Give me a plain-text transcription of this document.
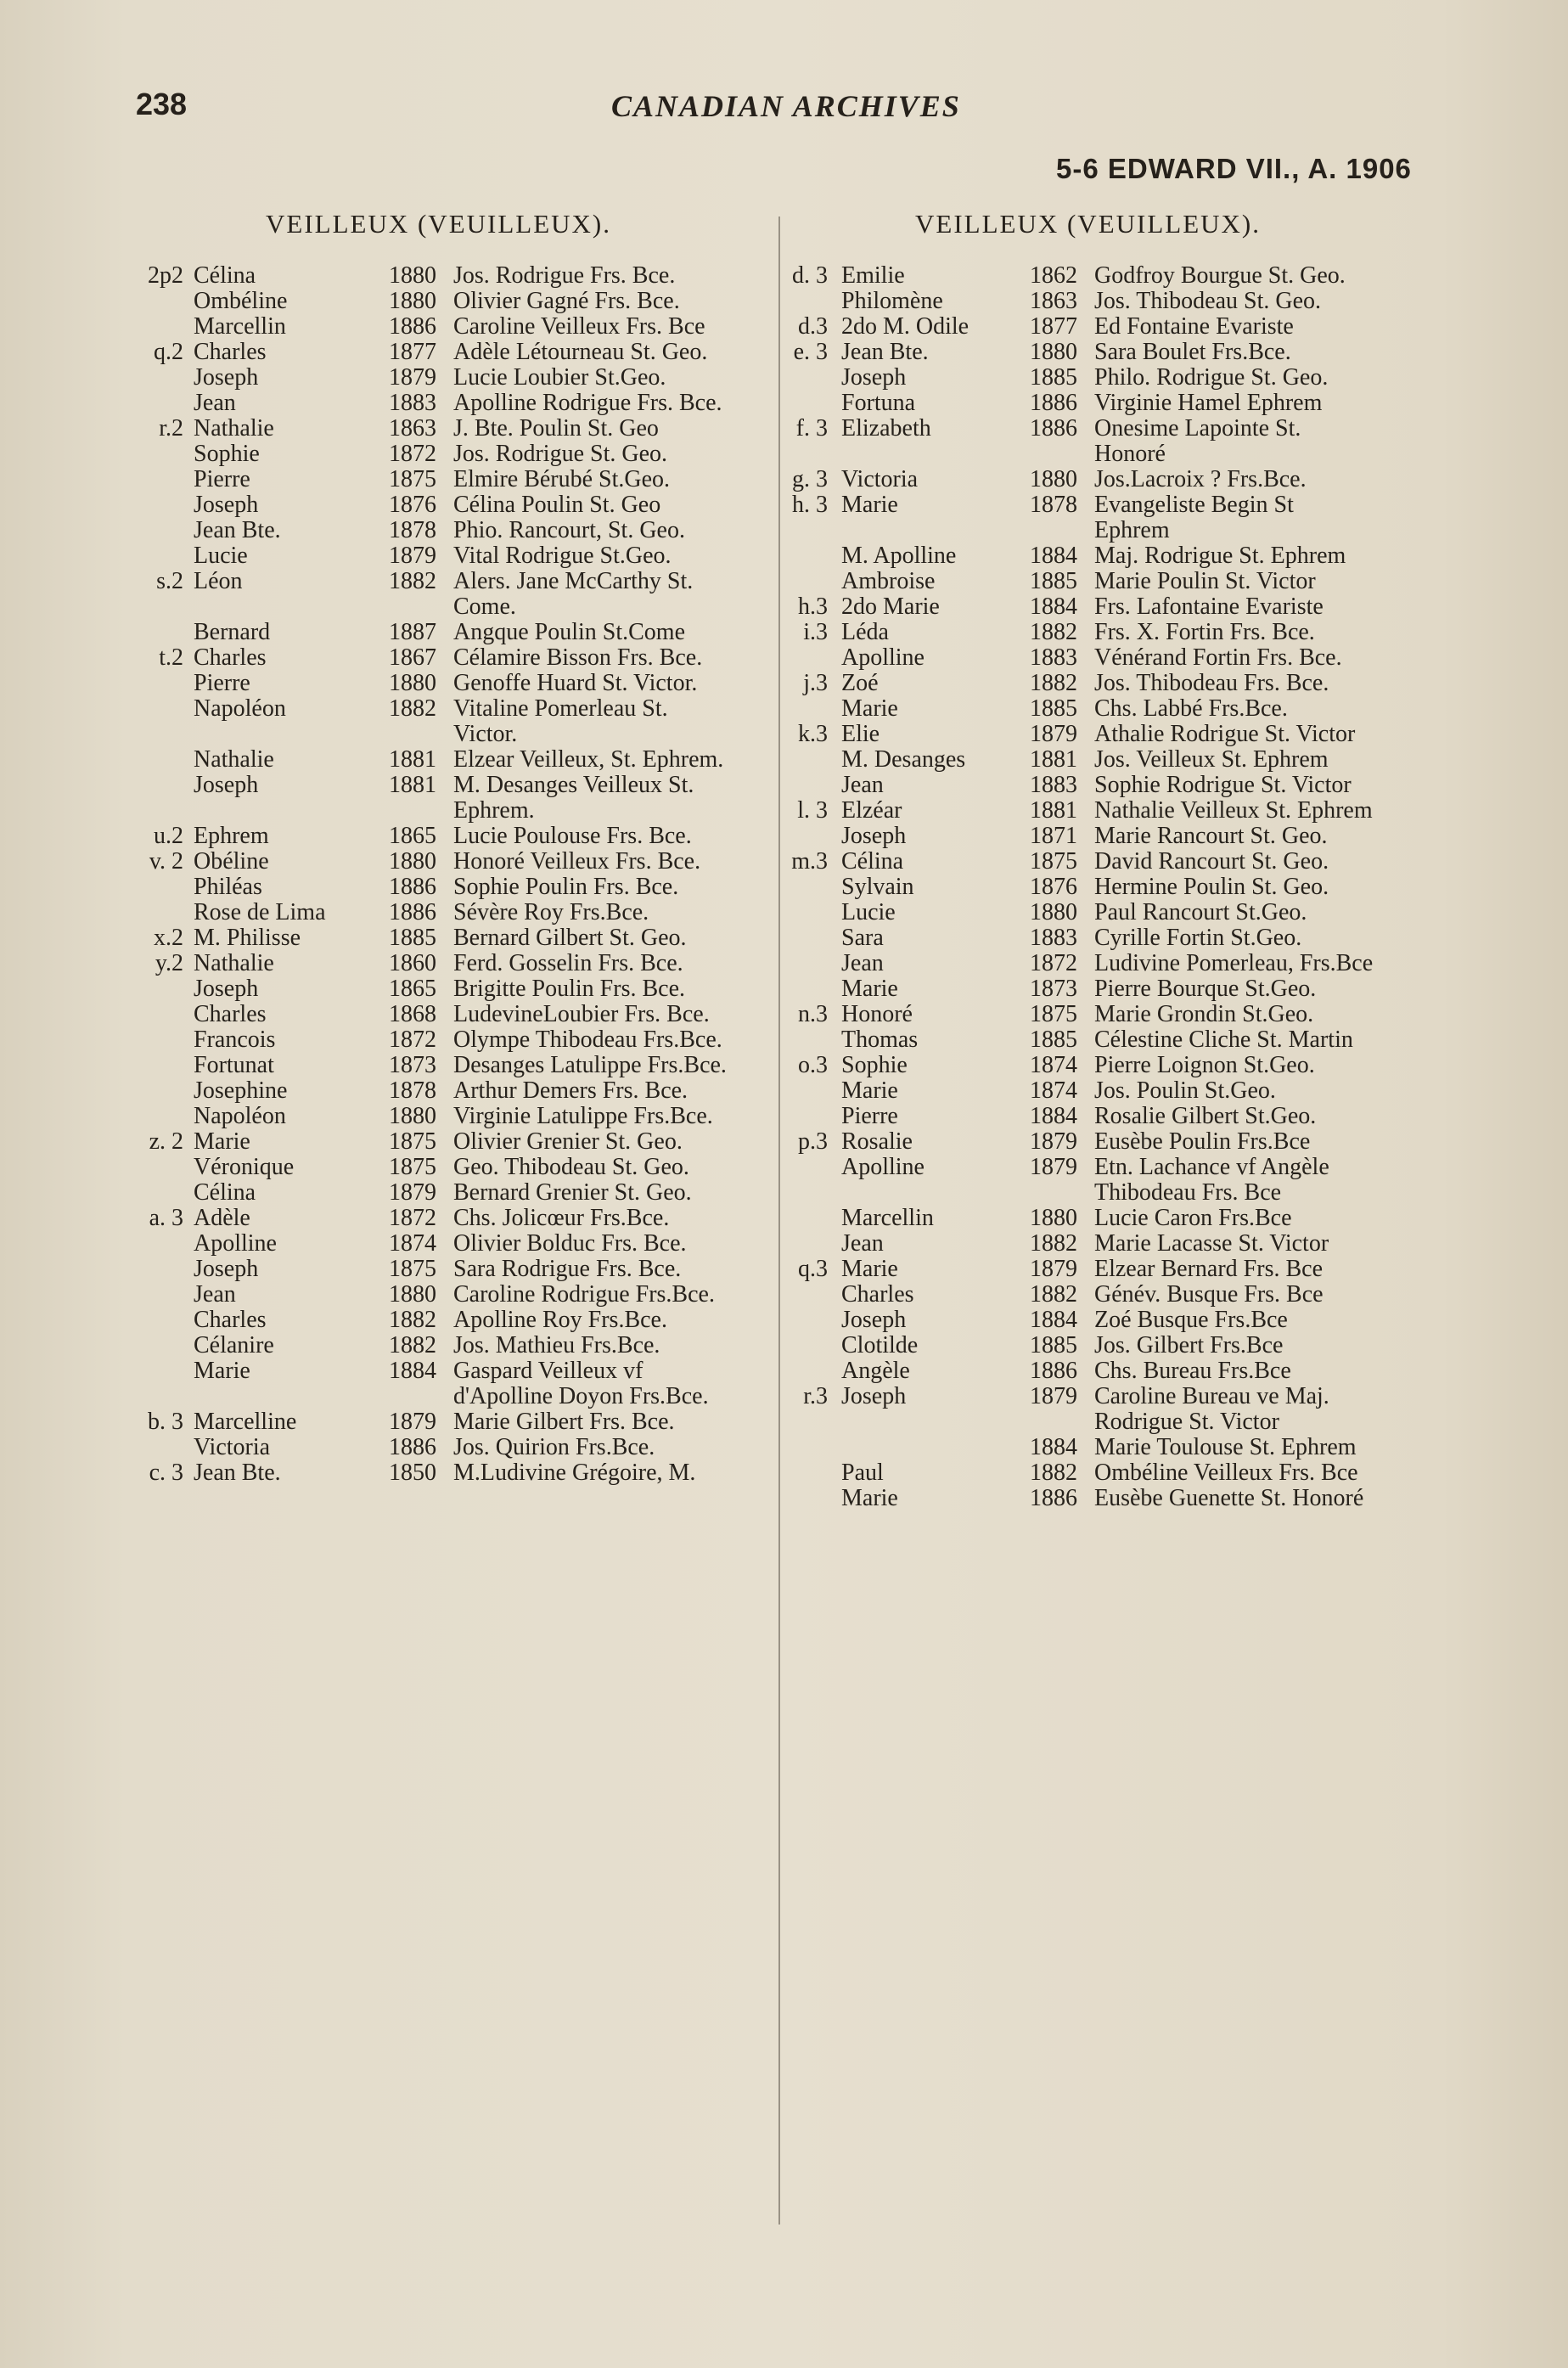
238	CANADIAN ARCHIVES
5-6 EDWARD VII., A. 1906
VEILLEUX (VEUILLEUX).	VEILLEUX (VEUILLEUX).
2p2 Célina	1880 Jos. Rodrigue Frs. Bce.
Ombéline	1880 Olivier Gagné Frs. Bce.
Marcellin	1886 Caroline Veilleux Frs. Bce
q.2 Charles	1877 Adèle Létourneau St. Geo.
Joseph	1879 Lucie Loubier St.Geo.
Jean	1883 Apolline Rodrigue Frs. Bce.
r.2 Nathalie	1863 J. Bte. Poulin St. Geo
Sophie	1872 Jos. Rodrigue St. Geo.
Pierre	1875 Elmire Bérubé St.Geo.
Joseph	1876 Célina Poulin St. Geo
Jean Bte.	1878 Phio. Rancourt, St. Geo.
Lucie	1879 Vital Rodrigue St.Geo.
s.2 Léon	1882 Alers. Jane McCarthy St. Come.
Bernard	1887 Angque Poulin St.Come
t.2 Charles	1867 Célamire Bisson Frs. Bce.
Pierre	1880 Genoffe Huard St. Victor.
Napoléon	1882 Vitaline Pomerleau St. Victor.
Nathalie	1881 Elzear Veilleux, St. Ephrem.
Joseph	1881 M. Desanges Veilleux St. Ephrem.
u.2 Ephrem	1865 Lucie Poulouse Frs. Bce.
v. 2 Obéline	1880 Honoré Veilleux Frs. Bce.
Philéas	1886 Sophie Poulin Frs. Bce.
Rose de Lima	1886 Sévère Roy Frs.Bce.
x.2 M. Philisse	1885 Bernard Gilbert St. Geo.
y.2 Nathalie	1860 Ferd. Gosselin Frs. Bce.
Joseph	1865 Brigitte Poulin Frs. Bce.
Charles	1868 LudevineLoubier Frs. Bce.
Francois	1872 Olympe Thibodeau Frs.Bce.
Fortunat	1873 Desanges Latulippe Frs.Bce.
Josephine	1878 Arthur Demers Frs. Bce.
Napoléon	1880 Virginie Latulippe Frs.Bce.
z. 2 Marie	1875 Olivier Grenier St. Geo.
Véronique	1875 Geo. Thibodeau St. Geo.
Célina	1879 Bernard Grenier St. Geo.
a. 3 Adèle	1872 Chs. Jolicœur Frs.Bce.
Apolline	1874 Olivier Bolduc Frs. Bce.
Joseph	1875 Sara Rodrigue Frs. Bce.
Jean	1880 Caroline Rodrigue Frs.Bce.
Charles	1882 Apolline Roy Frs.Bce.
Célanire	1882 Jos. Mathieu Frs.Bce.
Marie	1884 Gaspard Veilleux vf d'Apolline Doyon Frs.Bce.
b. 3 Marcelline	1879 Marie Gilbert Frs. Bce.
Victoria	1886 Jos. Quirion Frs.Bce.
c. 3 Jean Bte.	1850 M.Ludivine Grégoire, M.
d. 3 Emilie	1862 Godfroy Bourgue St. Geo.
Philomène	1863 Jos. Thibodeau St. Geo.
d.3 2do M. Odile	1877 Ed Fontaine Evariste
e. 3 Jean Bte.	1880 Sara Boulet Frs.Bce.
Joseph	1885 Philo. Rodrigue St. Geo.
Fortuna	1886 Virginie Hamel Ephrem
f. 3 Elizabeth	1886 Onesime Lapointe St. Honoré
g. 3 Victoria	1880 Jos.Lacroix ? Frs.Bce.
h. 3 Marie	1878 Evangeliste Begin St Ephrem
M. Apolline	1884 Maj. Rodrigue St. Ephrem
Ambroise	1885 Marie Poulin St. Victor
h.3 2do Marie	1884 Frs. Lafontaine Evariste
i.3 Léda	1882 Frs. X. Fortin Frs. Bce.
Apolline	1883 Vénérand Fortin Frs. Bce.
j.3 Zoé	1882 Jos. Thibodeau Frs. Bce.
Marie	1885 Chs. Labbé Frs.Bce.
k.3 Elie	1879 Athalie Rodrigue St. Victor
M. Desanges	1881 Jos. Veilleux St. Ephrem
Jean	1883 Sophie Rodrigue St. Victor
l. 3 Elzéar	1881 Nathalie Veilleux St. Ephrem
Joseph	1871 Marie Rancourt St. Geo.
m.3 Célina	1875 David Rancourt St. Geo.
Sylvain	1876 Hermine Poulin St. Geo.
Lucie	1880 Paul Rancourt St.Geo.
Sara	1883 Cyrille Fortin St.Geo.
Jean	1872 Ludivine Pomerleau, Frs.Bce
Marie	1873 Pierre Bourque St.Geo.
n.3 Honoré	1875 Marie Grondin St.Geo.
Thomas	1885 Célestine Cliche St. Martin
o.3 Sophie	1874 Pierre Loignon St.Geo.
Marie	1874 Jos. Poulin St.Geo.
Pierre	1884 Rosalie Gilbert St.Geo.
p.3 Rosalie	1879 Eusèbe Poulin Frs.Bce
Apolline	1879 Etn. Lachance vf Angèle Thibodeau Frs. Bce
Marcellin	1880 Lucie Caron Frs.Bce
Jean	1882 Marie Lacasse St. Victor
q.3 Marie	1879 Elzear Bernard Frs. Bce
Charles	1882 Génév. Busque Frs. Bce
Joseph	1884 Zoé Busque Frs.Bce
Clotilde	1885 Jos. Gilbert Frs.Bce
Angèle	1886 Chs. Bureau Frs.Bce
r.3 Joseph	1879 Caroline Bureau ve Maj. Rodrigue St. Victor
1884 Marie Toulouse St. Ephrem
Paul	1882 Ombéline Veilleux Frs. Bce
Marie	1886 Eusèbe Guenette St. Honoré
